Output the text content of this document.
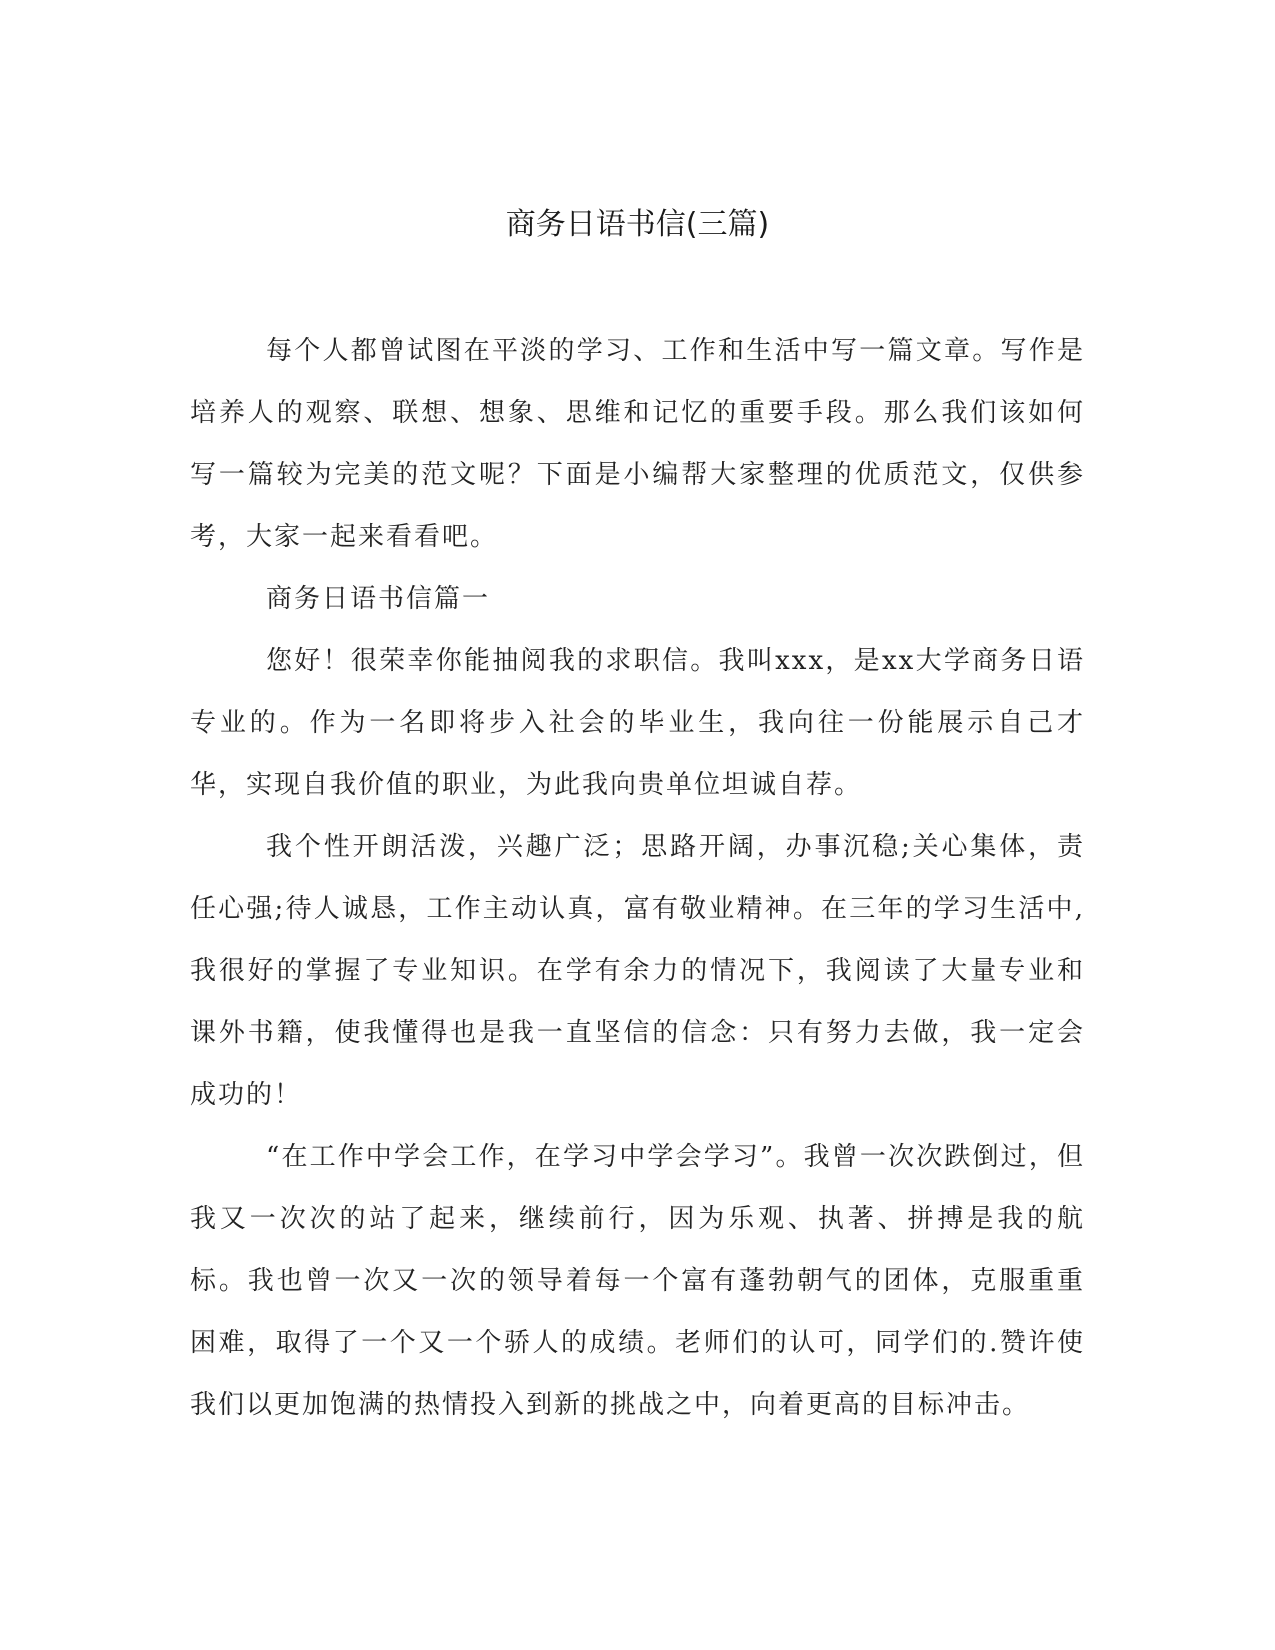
商务日语书信(三篇)

每个人都曾试图在平淡的学习、工作和生活中写一篇文章。写作是培养人的观察、联想、想象、思维和记忆的重要手段。那么我们该如何写一篇较为完美的范文呢？下面是小编帮大家整理的优质范文，仅供参考，大家一起来看看吧。

商务日语书信篇一

您好！很荣幸你能抽阅我的求职信。我叫xxx，是xx大学商务日语专业的。作为一名即将步入社会的毕业生，我向往一份能展示自己才华，实现自我价值的职业，为此我向贵单位坦诚自荐。

我个性开朗活泼，兴趣广泛；思路开阔，办事沉稳;关心集体，责任心强;待人诚恳，工作主动认真，富有敬业精神。在三年的学习生活中,我很好的掌握了专业知识。在学有余力的情况下，我阅读了大量专业和课外书籍，使我懂得也是我一直坚信的信念：只有努力去做，我一定会成功的！

“在工作中学会工作，在学习中学会学习”。我曾一次次跌倒过，但我又一次次的站了起来，继续前行，因为乐观、执著、拼搏是我的航标。我也曾一次又一次的领导着每一个富有蓬勃朝气的团体，克服重重困难，取得了一个又一个骄人的成绩。老师们的认可，同学们的.赞许使我们以更加饱满的热情投入到新的挑战之中，向着更高的目标冲击。
